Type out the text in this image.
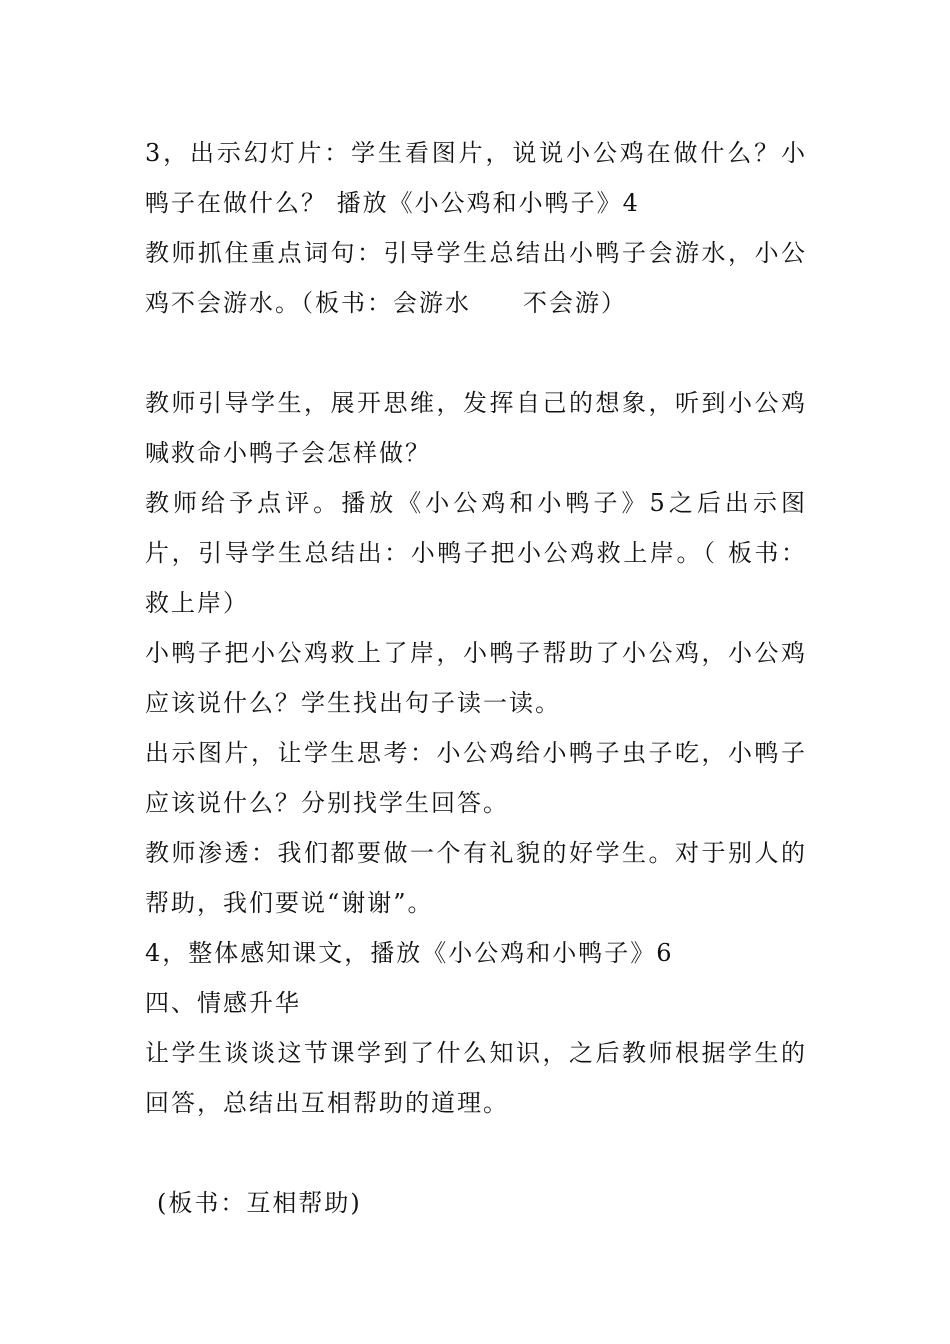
3，出示幻灯片：学生看图片，说说小公鸡在做什么？小鸭子在做什么？ 播放《小公鸡和小鸭子》4

教师抓住重点词句：引导学生总结出小鸭子会游水，小公鸡不会游水。（板书：会游水　　不会游）

教师引导学生，展开思维，发挥自己的想象，听到小公鸡喊救命小鸭子会怎样做？

教师给予点评。播放《小公鸡和小鸭子》5之后出示图片，引导学生总结出：小鸭子把小公鸡救上岸。（ 板书：救上岸）

小鸭子把小公鸡救上了岸，小鸭子帮助了小公鸡，小公鸡应该说什么？学生找出句子读一读。

出示图片，让学生思考：小公鸡给小鸭子虫子吃，小鸭子应该说什么？分别找学生回答。

教师渗透：我们都要做一个有礼貌的好学生。对于别人的帮助，我们要说“谢谢”。

4，整体感知课文，播放《小公鸡和小鸭子》6

四、情感升华

让学生谈谈这节课学到了什么知识，之后教师根据学生的回答，总结出互相帮助的道理。

(板书：互相帮助)
